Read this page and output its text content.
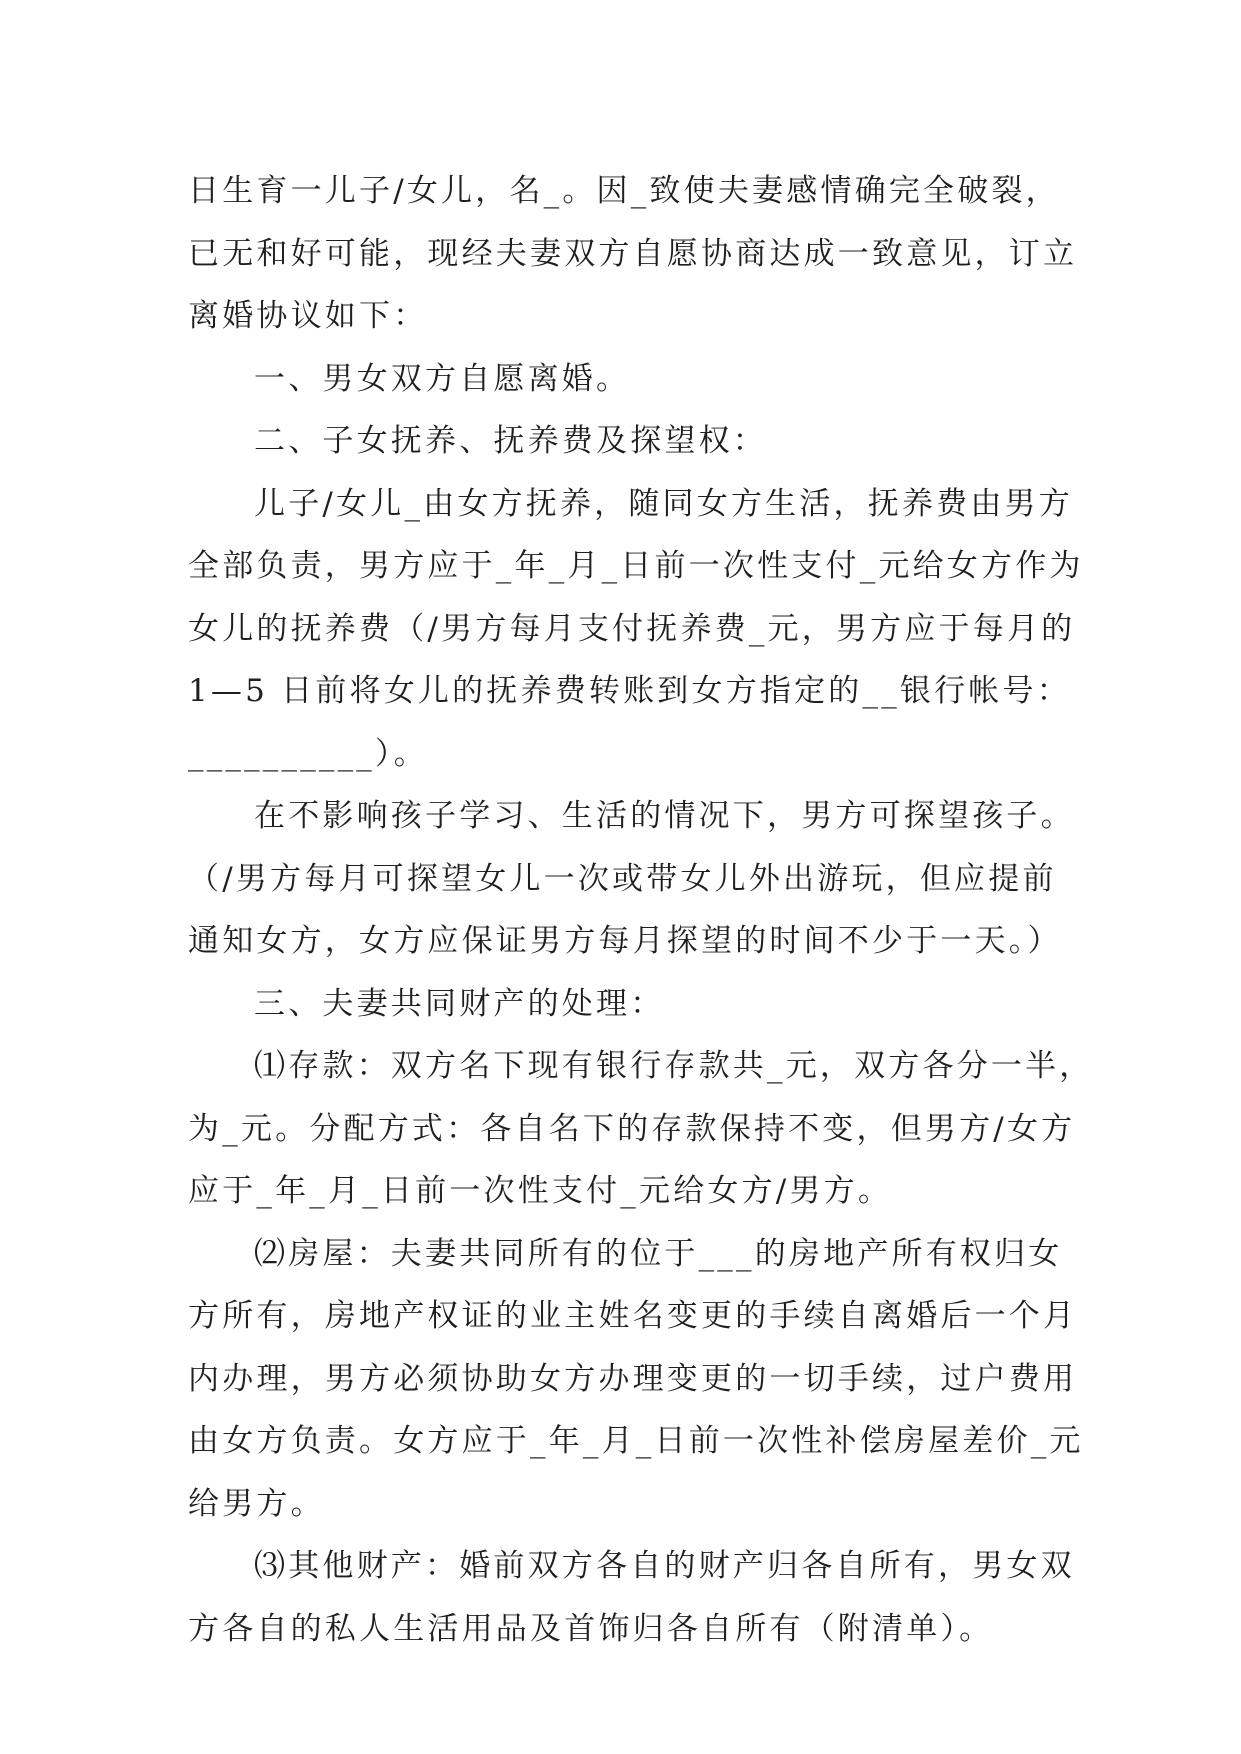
日生育一儿子/女儿，名_。因_致使夫妻感情确完全破裂，
已无和好可能，现经夫妻双方自愿协商达成一致意见，订立
离婚协议如下：
一、男女双方自愿离婚。
二、子女抚养、抚养费及探望权：
儿子/女儿_由女方抚养，随同女方生活，抚养费由男方
全部负责，男方应于_年_月_日前一次性支付_元给女方作为
女儿的抚养费（/男方每月支付抚养费_元，男方应于每月的
1—5 日前将女儿的抚养费转账到女方指定的__银行帐号：
__________）。
在不影响孩子学习、生活的情况下，男方可探望孩子。
（/男方每月可探望女儿一次或带女儿外出游玩，但应提前
通知女方，女方应保证男方每月探望的时间不少于一天。）
三、夫妻共同财产的处理：
⑴存款：双方名下现有银行存款共_元，双方各分一半，
为_元。分配方式：各自名下的存款保持不变，但男方/女方
应于_年_月_日前一次性支付_元给女方/男方。
⑵房屋：夫妻共同所有的位于___的房地产所有权归女
方所有，房地产权证的业主姓名变更的手续自离婚后一个月
内办理，男方必须协助女方办理变更的一切手续，过户费用
由女方负责。女方应于_年_月_日前一次性补偿房屋差价_元
给男方。
⑶其他财产：婚前双方各自的财产归各自所有，男女双
方各自的私人生活用品及首饰归各自所有（附清单）。
